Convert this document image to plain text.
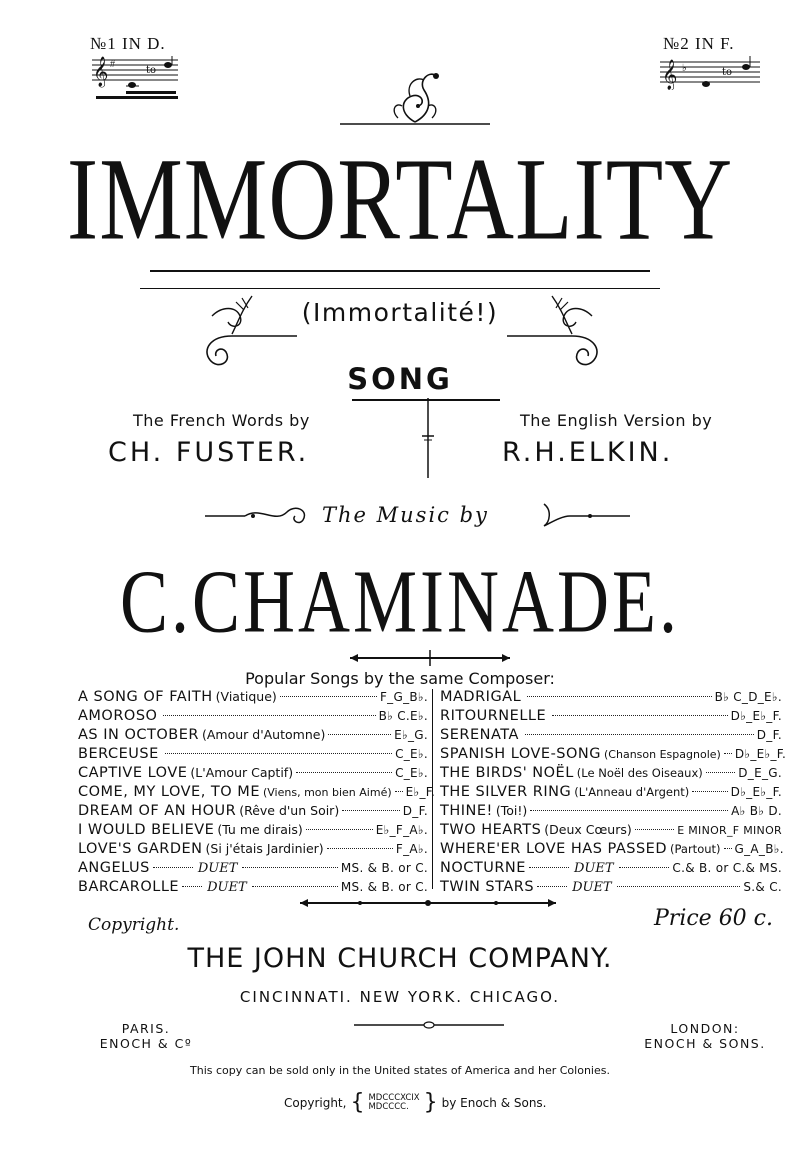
№1 IN D.
𝄞 #
to
№2 IN F.
𝄞 ♭	to
IMMORTALITY
(Immortalité!)
SONG
The French Words by
CH. FUSTER.
The English Version by
R.H.ELKIN.
The Music by
C.CHAMINADE.
Popular Songs by the same Composer:
A SONG OF FAITH (Viatique)	F_G_B♭.
AMOROSO	B♭ C.E♭.
AS IN OCTOBER (Amour d'Automne)	E♭_G.
BERCEUSE	C_E♭.
CAPTIVE LOVE (L'Amour Captif)	C_E♭.
COME, MY LOVE, TO ME (Viens, mon bien Aimé) E♭_F.
DREAM OF AN HOUR (Rêve d'un Soir)	D_F.
I WOULD BELIEVE (Tu me dirais)	E♭_F_A♭.
LOVE'S GARDEN (Si j'étais Jardinier)	F_A♭.
ANGELUS	DUET	MS. & B. or C.
BARCAROLLE DUET	MS. & B. or C.
MADRIGAL	B♭ C_D_E♭.
RITOURNELLE	D♭_E♭_F.
SERENATA	D_F.
SPANISH LOVE-SONG (Chanson Espagnole) D♭_E♭_F.
THE BIRDS' NOËL (Le Noël des Oiseaux)	D_E_G.
THE SILVER RING (L'Anneau d'Argent)	D♭_E♭_F.
THINE! (Toi!)	A♭ B♭ D.
TWO HEARTS (Deux Cœurs)	E MINOR_F MINOR
WHERE'ER LOVE HAS PASSED (Partout) G_A_B♭.
NOCTURNE	DUET	C.& B. or C.& MS.
TWIN STARS	DUET	S.& C.
Copyright.	Price 60 c.
THE JOHN CHURCH COMPANY.
CINCINNATI. NEW YORK. CHICAGO.
PARIS.
ENOCH & Cº
LONDON:
ENOCH & SONS.
This copy can be sold only in the United states of America and her Colonies.
Copyright, { MDCCCXCIX
MDCCCC. } by Enoch & Sons.
